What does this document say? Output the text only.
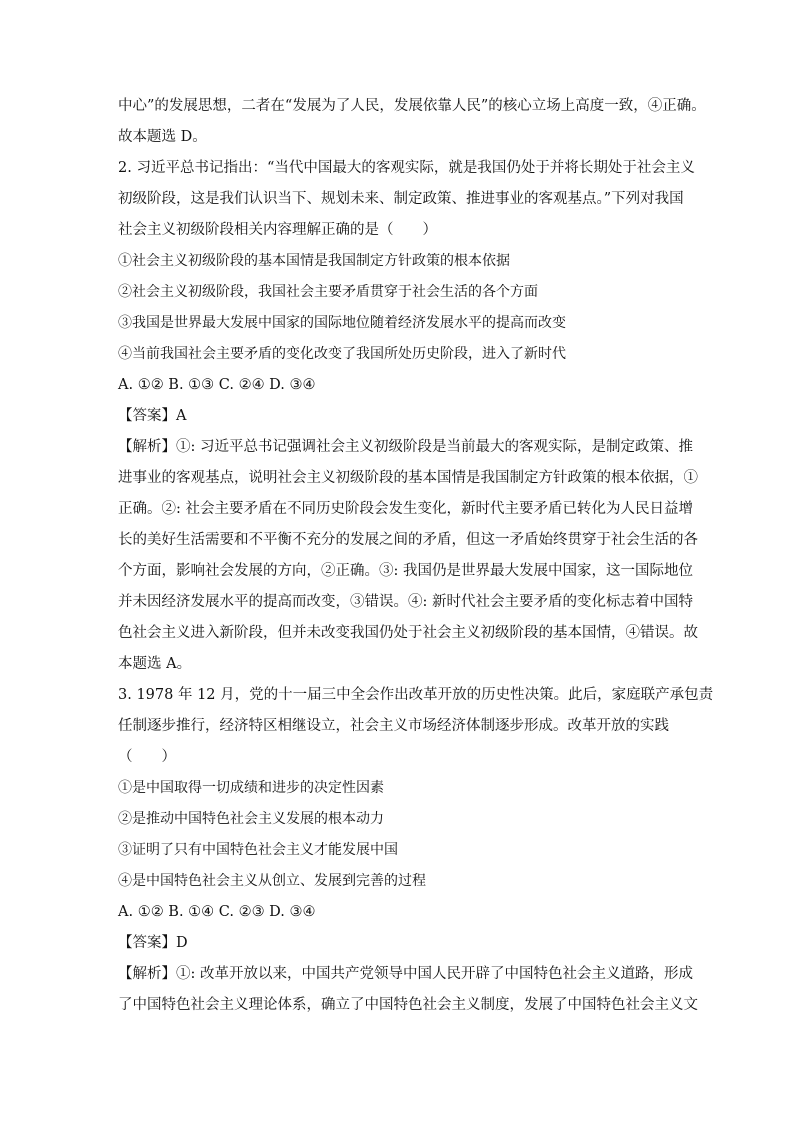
中心”的发展思想，二者在“发展为了人民，发展依靠人民”的核心立场上高度一致，④正确。
故本题选 D。
2. 习近平总书记指出：“当代中国最大的客观实际，就是我国仍处于并将长期处于社会主义
初级阶段，这是我们认识当下、规划未来、制定政策、推进事业的客观基点。”下列对我国
社会主义初级阶段相关内容理解正确的是（　　）
①社会主义初级阶段的基本国情是我国制定方针政策的根本依据
②社会主义初级阶段，我国社会主要矛盾贯穿于社会生活的各个方面
③我国是世界最大发展中国家的国际地位随着经济发展水平的提高而改变
④当前我国社会主要矛盾的变化改变了我国所处历史阶段，进入了新时代
A. ①② B. ①③ C. ②④ D. ③④
【答案】A
【解析】①: 习近平总书记强调社会主义初级阶段是当前最大的客观实际，是制定政策、推
进事业的客观基点，说明社会主义初级阶段的基本国情是我国制定方针政策的根本依据，①
正确。②: 社会主要矛盾在不同历史阶段会发生变化，新时代主要矛盾已转化为人民日益增
长的美好生活需要和不平衡不充分的发展之间的矛盾，但这一矛盾始终贯穿于社会生活的各
个方面，影响社会发展的方向，②正确。③: 我国仍是世界最大发展中国家，这一国际地位
并未因经济发展水平的提高而改变，③错误。④: 新时代社会主要矛盾的变化标志着中国特
色社会主义进入新阶段，但并未改变我国仍处于社会主义初级阶段的基本国情，④错误。故
本题选 A。
3. 1978 年 12 月，党的十一届三中全会作出改革开放的历史性决策。此后，家庭联产承包责
任制逐步推行，经济特区相继设立，社会主义市场经济体制逐步形成。改革开放的实践
（　　）
①是中国取得一切成绩和进步的决定性因素
②是推动中国特色社会主义发展的根本动力
③证明了只有中国特色社会主义才能发展中国
④是中国特色社会主义从创立、发展到完善的过程
A. ①② B. ①④ C. ②③ D. ③④
【答案】D
【解析】①: 改革开放以来，中国共产党领导中国人民开辟了中国特色社会主义道路，形成
了中国特色社会主义理论体系，确立了中国特色社会主义制度，发展了中国特色社会主义文
